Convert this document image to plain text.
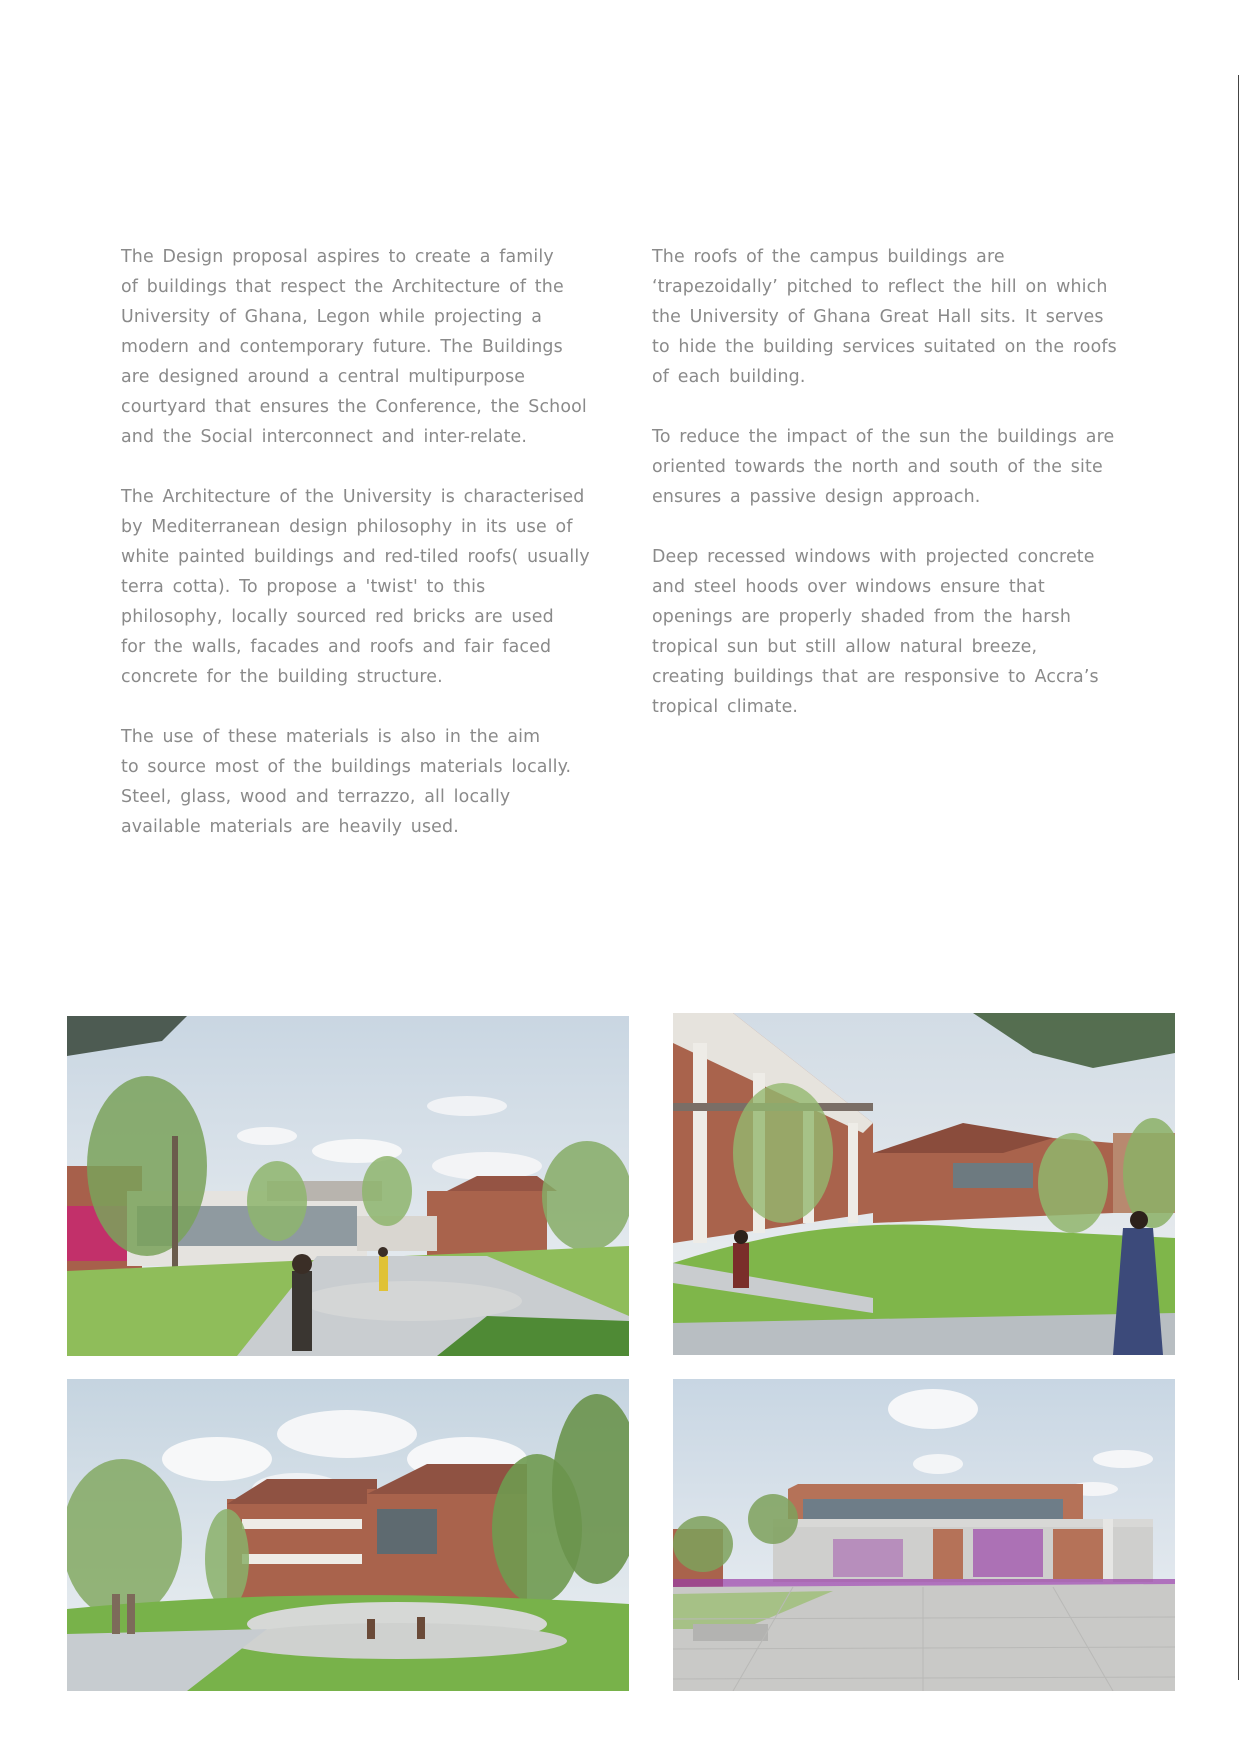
The Design proposal aspires to create a family
of buildings that respect the Architecture of the
University of Ghana, Legon while projecting a
modern and contemporary future. The Buildings
are designed around a central multipurpose
courtyard that ensures the Conference, the School
and the Social interconnect and inter-relate.

The Architecture of the University is characterised
by Mediterranean design philosophy in its use of
white painted buildings and red-tiled roofs( usually
terra cotta). To propose a 'twist' to this
philosophy, locally sourced red bricks are used
for the walls, facades and roofs and fair faced
concrete for the building structure.

The use of these materials is also in the aim
to source most of the buildings materials locally.
Steel, glass, wood and terrazzo, all locally
available materials are heavily used.

The roofs of the campus buildings are
‘trapezoidally’ pitched to reflect the hill on which
the University of Ghana Great Hall sits. It serves
to hide the building services suitated on the roofs
of each building.

To reduce the impact of the sun the buildings are
oriented towards the north and south of the site
ensures a passive design approach.

Deep recessed windows with projected concrete
and steel hoods over windows ensure that
openings are properly shaded from the harsh
tropical sun but still allow natural breeze,
creating buildings that are responsive to Accra’s
tropical climate.
